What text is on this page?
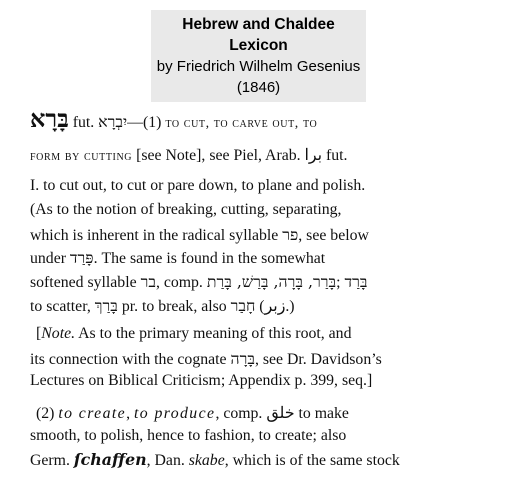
Hebrew and Chaldee
Lexicon
by Friedrich Wilhelm Gesenius
(1846)
בָּרָא fut. יִבְרָא—(1) to cut, to carve out, to
form by cutting [see Note], see Piel, Arab. برا fut.
I. to cut out, to cut or pare down, to plane and polish.
(As to the notion of breaking, cutting, separating,
which is inherent in the radical syllable פר, see below
under פָּרַד. The same is found in the somewhat
softened syllable בר, comp. בָּרַר, בָּרָה, בָּרַשׁ, בָּרַת; בָּרַד
to scatter, בָּרַךְ pr. to break, also חָבַר (زبر.)
[Note. As to the primary meaning of this root, and
its connection with the cognate בָּרָה, see Dr. Davidson’s
Lectures on Biblical Criticism; Appendix p. 399, seq.]
(2) to create, to produce, comp. خلق to make
smooth, to polish, hence to fashion, to create; also
Germ. ſchaffen, Dan. skabe, which is of the same stock
